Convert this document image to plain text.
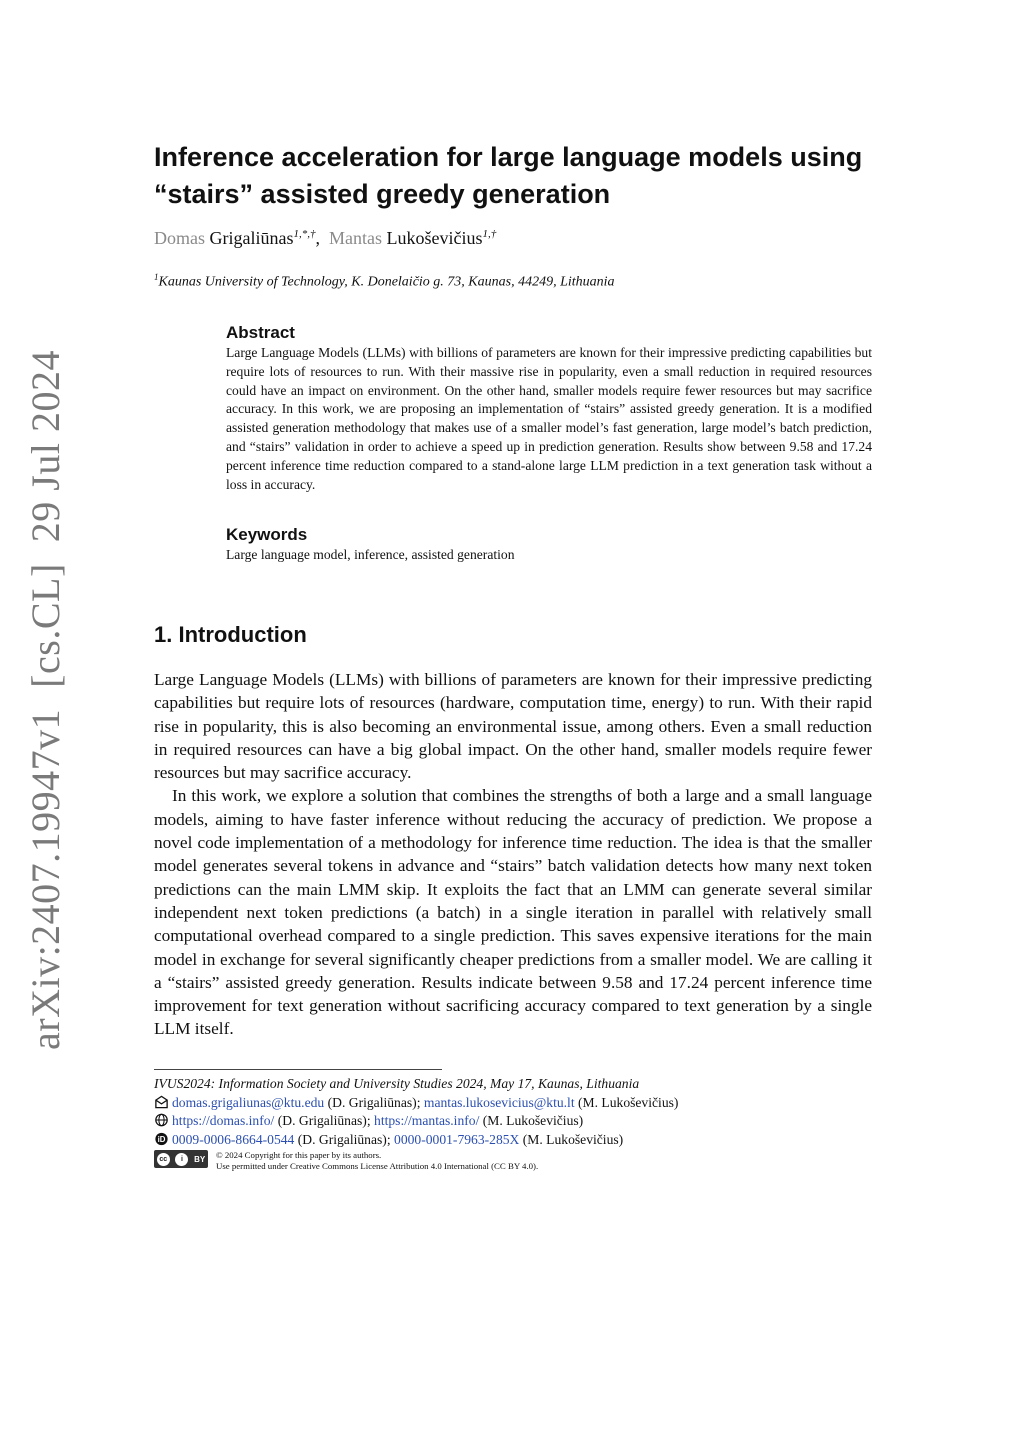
arXiv:2407.19947v1  [cs.CL]  29 Jul 2024
Inference acceleration for large language models using “stairs” assisted greedy generation
Domas Grigaliūnas$^{1,*,\dagger}$,  Mantas Lukoševičius$^{1,\dagger}$
$^1$Kaunas University of Technology, K. Donelaičio g. 73, Kaunas, 44249, Lithuania
Abstract

Large Language Models (LLMs) with billions of parameters are known for their impressive predicting capabilities but require lots of resources to run. With their massive rise in popularity, even a small reduction in required resources could have an impact on environment. On the other hand, smaller models require fewer resources but may sacrifice accuracy. In this work, we are proposing an implementation of “stairs” assisted greedy generation. It is a modified assisted generation methodology that makes use of a smaller model’s fast generation, large model’s batch prediction, and “stairs” validation in order to achieve a speed up in prediction generation. Results show between 9.58 and 17.24 percent inference time reduction compared to a stand-alone large LLM prediction in a text generation task without a loss in accuracy.

Keywords

Large language model, inference, assisted generation

1. Introduction

Large Language Models (LLMs) with billions of parameters are known for their impressive predicting capabilities but require lots of resources (hardware, computation time, energy) to run. With their rapid rise in popularity, this is also becoming an environmental issue, among others. Even a small reduction in required resources can have a big global impact. On the other hand, smaller models require fewer resources but may sacrifice accuracy.

In this work, we explore a solution that combines the strengths of both a large and a small language models, aiming to have faster inference without reducing the accuracy of prediction. We propose a novel code implementation of a methodology for inference time reduction. The idea is that the smaller model generates several tokens in advance and “stairs” batch validation detects how many next token predictions can the main LMM skip. It exploits the fact that an LMM can generate several similar independent next token predictions (a batch) in a single iteration in parallel with relatively small computational overhead compared to a single prediction. This saves expensive iterations for the main model in exchange for several significantly cheaper predictions from a smaller model. We are calling it a “stairs” assisted greedy generation. Results indicate between 9.58 and 17.24 percent inference time improvement for text generation without sacrificing accuracy compared to text generation by a single LLM itself.

IVUS2024: Information Society and University Studies 2024, May 17, Kaunas, Lithuania
domas.grigaliunas@ktu.edu (D. Grigaliūnas); mantas.lukosevicius@ktu.lt (M. Lukoševičius)
https://domas.info/ (D. Grigaliūnas); https://mantas.info/ (M. Lukoševičius)
iD 0009-0006-8664-0544 (D. Grigaliūnas); 0000-0001-7963-285X (M. Lukoševičius)
cc	i	BY © 2024 Copyright for this paper by its authors.
Use permitted under Creative Commons License Attribution 4.0 International (CC BY 4.0).
